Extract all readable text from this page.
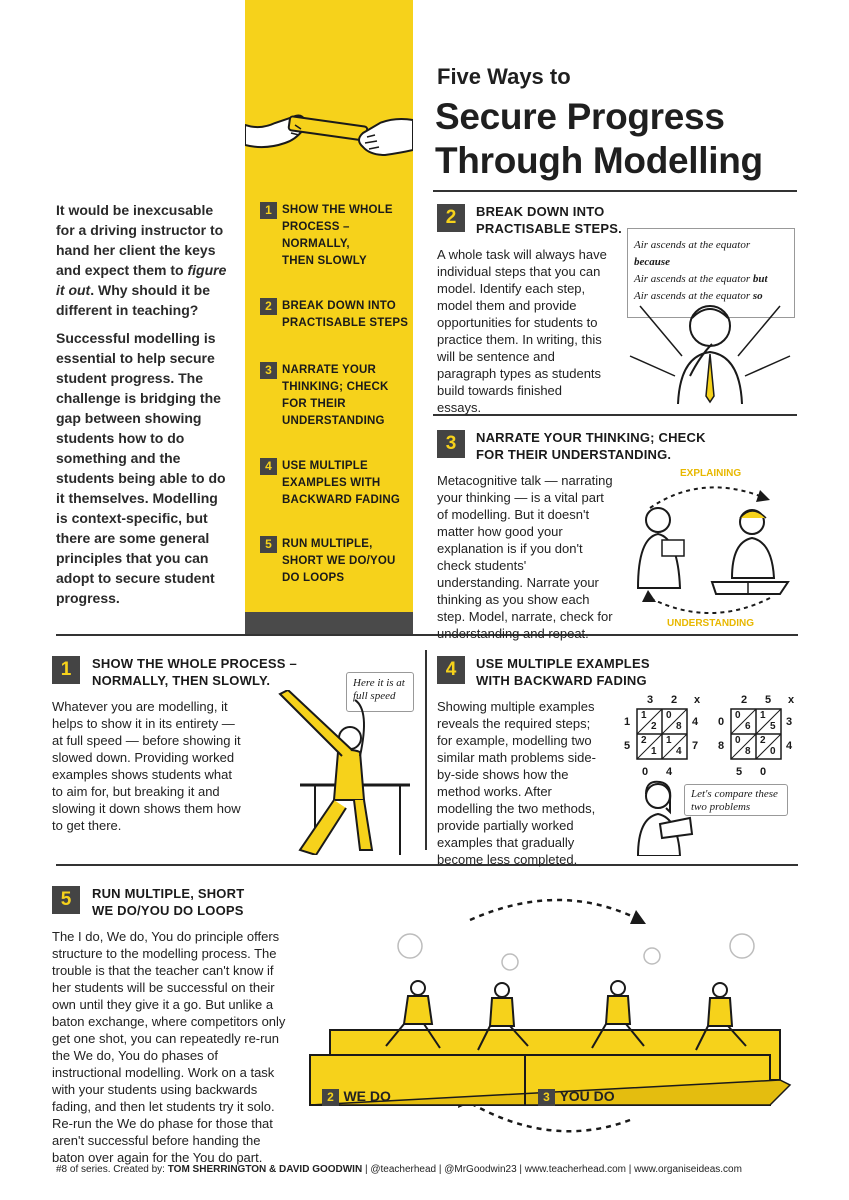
1 SHOW THE WHOLE
PROCESS –
NORMALLY,
THEN SLOWLY
2 BREAK DOWN INTO
PRACTISABLE STEPS
3 NARRATE YOUR
THINKING; CHECK
FOR THEIR
UNDERSTANDING
4 USE MULTIPLE
EXAMPLES WITH
BACKWARD FADING
5 RUN MULTIPLE,
SHORT WE DO/YOU
DO LOOPS
Five Ways to
Secure Progress
Through Modelling

It would be inexcusable for a driving instructor to hand her client the keys and expect them to figure it out. Why should it be different in teaching?

Successful modelling is essential to help secure student progress. The challenge is bridging the gap between showing students how to do something and the students being able to do it themselves. Modelling is context-specific, but there are some general principles that you can adopt to secure student progress.

2	BREAK DOWN INTO
PRACTISABLE STEPS.
A whole task will always have individual steps that you can model. Identify each step, model them and provide opportunities for students to practice them. In writing, this will be sentence and paragraph types as students build towards finished essays.
Air ascends at the equator
because
Air ascends at the equator but
Air ascends at the equator so
3	NARRATE YOUR THINKING; CHECK
FOR THEIR UNDERSTANDING.
Metacognitive talk — narrating your thinking — is a vital part of modelling. But it doesn't matter how good your explanation is if you don't check students' understanding. Narrate your thinking as you show each step. Model, narrate, check for understanding and repeat.
EXPLAINING
UNDERSTANDING
1	SHOW THE WHOLE PROCESS –
NORMALLY, THEN SLOWLY.
Whatever you are modelling, it helps to show it in its entirety — at full speed — before showing it slowed down. Providing worked examples shows students what to aim for, but breaking it and slowing it down shows them how to get there.
Here it is at full speed
4	USE MULTIPLE EXAMPLES
WITH BACKWARD FADING
Showing multiple examples reveals the required steps; for example, modelling two similar math problems side-by-side shows how the method works. After modelling the two methods, provide partially worked examples that gradually become less completed.
3 2 x
1
5
4
7
0 4
1
2
0
8
2
1
1
4
2 5 x
0
8
3
4
5 0
0
6
1
5
0
8
2
0
Let's compare these two problems
5	RUN MULTIPLE, SHORT
WE DO/YOU DO LOOPS
The I do, We do, You do principle offers structure to the modelling process. The trouble is that the teacher can't know if her students will be successful on their own until they give it a go. But unlike a baton exchange, where competitors only get one shot, you can repeatedly re-run the We do, You do phases of instructional modelling. Work on a task with your students using backwards fading, and then let students try it solo. Re-run the We do phase for those that aren't successful before handing the baton over again for the You do part.
2 WE DO	3 YOU DO
#8 of series. Created by: TOM SHERRINGTON & DAVID GOODWIN | @teacherhead | @MrGoodwin23 | www.teacherhead.com | www.organiseideas.com
